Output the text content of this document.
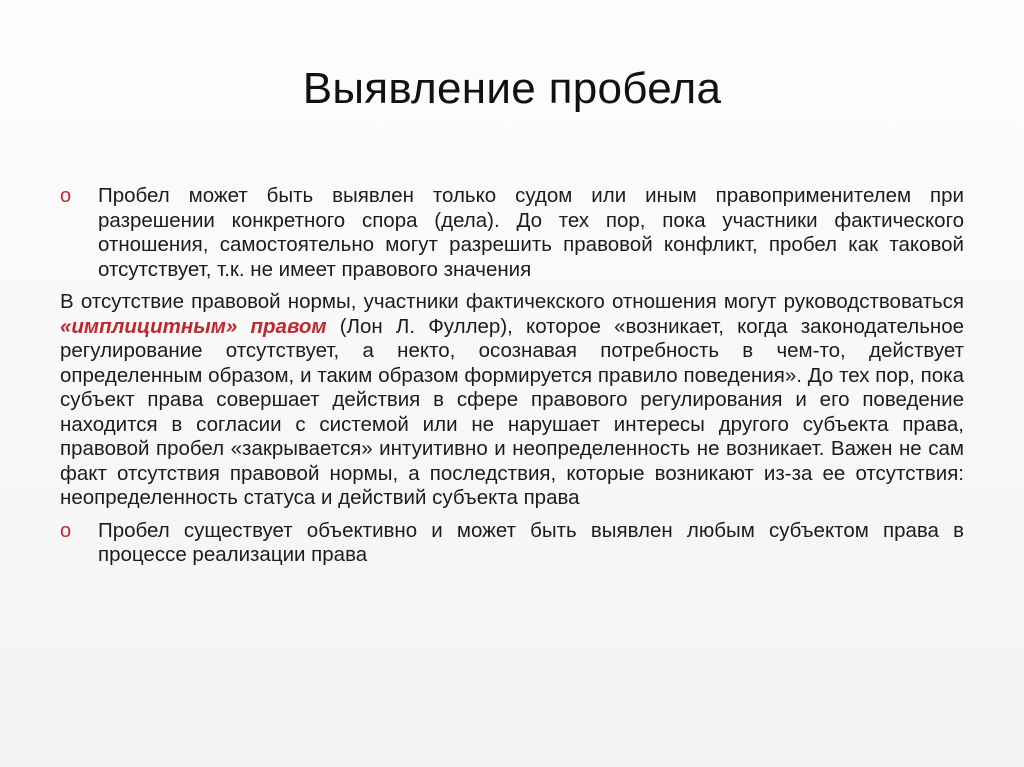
Выявление пробела
o	Пробел может быть выявлен только судом или иным правоприменителем при разрешении конкретного спора (дела). До тех пор, пока участники фактического отношения, самостоятельно могут разрешить правовой конфликт, пробел как таковой отсутствует, т.к. не имеет правового значения
В отсутствие правовой нормы, участники фактичекского отношения могут руководствоваться «имплицитным» правом (Лон Л. Фуллер), которое «возникает, когда законодательное регулирование отсутствует, а некто, осознавая потребность в чем-то, действует определенным образом, и таким образом формируется правило поведения». До тех пор, пока субъект права совершает действия в сфере правового регулирования и его поведение находится в согласии с системой или не нарушает интересы другого субъекта права, правовой пробел «закрывается» интуитивно и неопределенность не возникает. Важен не сам факт отсутствия правовой нормы, а последствия, которые возникают из-за ее отсутствия: неопределенность статуса и действий субъекта права
o	Пробел существует объективно и может быть выявлен любым субъектом права в процессе реализации права
